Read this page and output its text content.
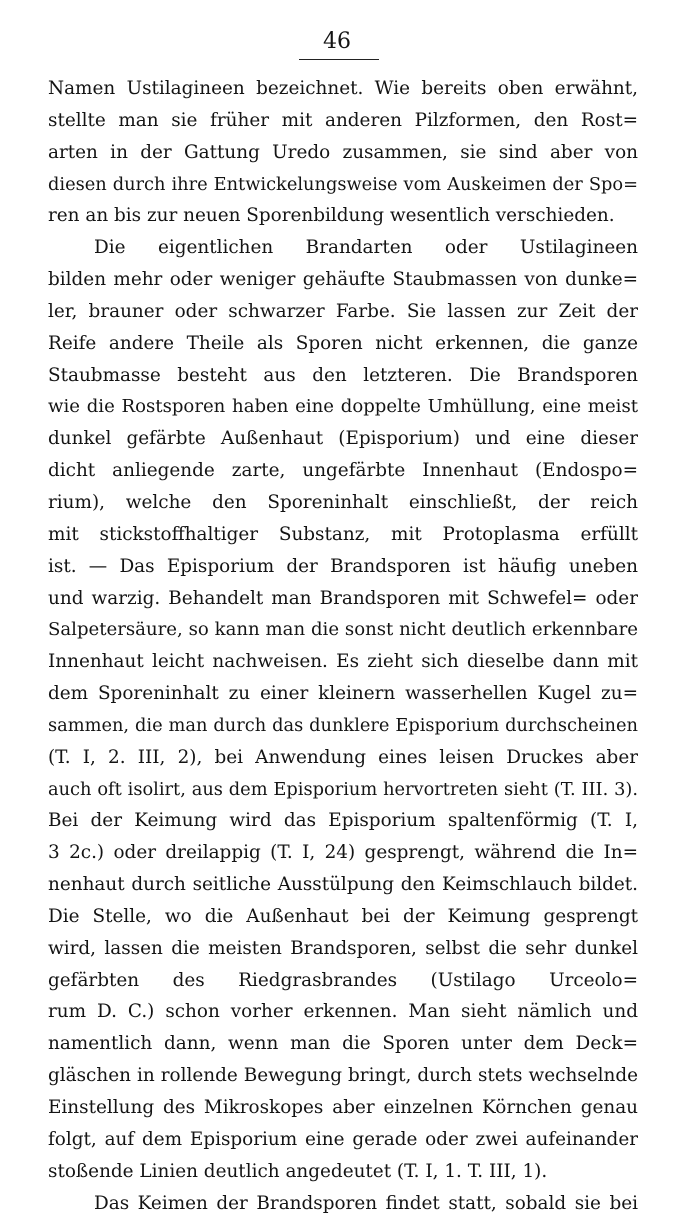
46
Namen Ustilagineen bezeichnet. Wie bereits oben erwähnt,
stellte man sie früher mit anderen Pilzformen, den Rost=
arten in der Gattung Uredo zusammen, sie sind aber von
diesen durch ihre Entwickelungsweise vom Auskeimen der Spo=
ren an bis zur neuen Sporenbildung wesentlich verschieden.
Die eigentlichen Brandarten oder Ustilagineen
bilden mehr oder weniger gehäufte Staubmassen von dunke=
ler, brauner oder schwarzer Farbe. Sie lassen zur Zeit der
Reife andere Theile als Sporen nicht erkennen, die ganze
Staubmasse besteht aus den letzteren. Die Brandsporen
wie die Rostsporen haben eine doppelte Umhüllung, eine meist
dunkel gefärbte Außenhaut (Episporium) und eine dieser
dicht anliegende zarte, ungefärbte Innenhaut (Endospo=
rium), welche den Sporeninhalt einschließt, der reich
mit stickstoffhaltiger Substanz, mit Protoplasma erfüllt
ist. — Das Episporium der Brandsporen ist häufig uneben
und warzig. Behandelt man Brandsporen mit Schwefel= oder
Salpetersäure, so kann man die sonst nicht deutlich erkennbare
Innenhaut leicht nachweisen. Es zieht sich dieselbe dann mit
dem Sporeninhalt zu einer kleinern wasserhellen Kugel zu=
sammen, die man durch das dunklere Episporium durchscheinen
(T. I, 2. III, 2), bei Anwendung eines leisen Druckes aber
auch oft isolirt, aus dem Episporium hervortreten sieht (T. III. 3).
Bei der Keimung wird das Episporium spaltenförmig (T. I,
3 2c.) oder dreilappig (T. I, 24) gesprengt, während die In=
nenhaut durch seitliche Ausstülpung den Keimschlauch bildet.
Die Stelle, wo die Außenhaut bei der Keimung gesprengt
wird, lassen die meisten Brandsporen, selbst die sehr dunkel
gefärbten des Riedgrasbrandes (Ustilago Urceolo=
rum D. C.) schon vorher erkennen. Man sieht nämlich und
namentlich dann, wenn man die Sporen unter dem Deck=
gläschen in rollende Bewegung bringt, durch stets wechselnde
Einstellung des Mikroskopes aber einzelnen Körnchen genau
folgt, auf dem Episporium eine gerade oder zwei aufeinander
stoßende Linien deutlich angedeutet (T. I, 1. T. III, 1).
Das Keimen der Brandsporen findet statt, sobald sie bei
